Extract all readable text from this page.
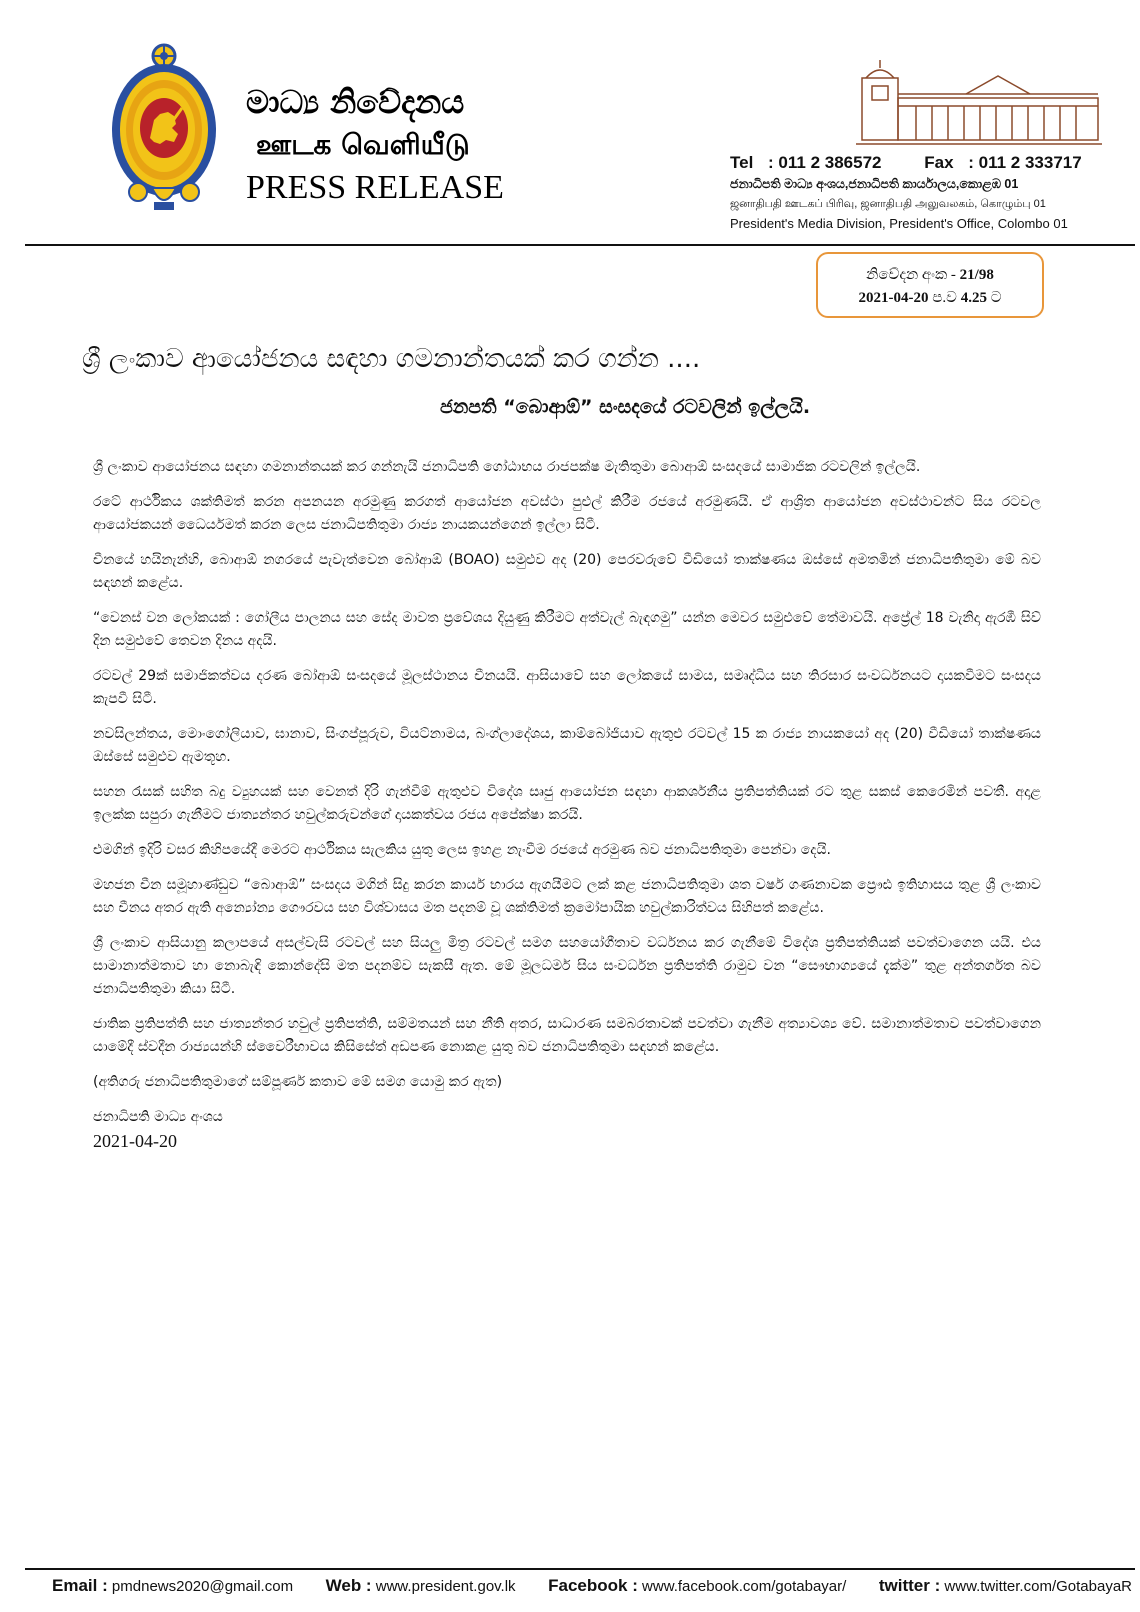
මාධ්‍ය නිවේදනය
ஊடக வெளியீடு
PRESS RELEASE
Tel : 011 2 386572	Fax : 011 2 333717
ජනාධිපති මාධ්‍ය අංශය,ජනාධිපති කාර්යාලය,කොළඹ 01
ஜனாதிபதி ஊடகப் பிரிவு, ஜனாதிபதி அலுவலகம், கொழும்பு 01
President's Media Division, President's Office, Colombo 01
නිවේදන අංක - 21/98
2021-04-20 ප.ව 4.25 ට
ශ්‍රී ලංකාව ආයෝජනය සඳහා ගමනාන්තයක් කර ගන්න ....
ජනපති “බොආඕ” සංසදයේ රටවලින් ඉල්ලයි.

ශ්‍රී ලංකාව ආයෝජනය සඳහා ගමනාන්තයක් කර ගන්නැයි ජනාධිපති ගෝඨාභය රාජපක්ෂ මැතිතුමා බොආඕ සංසදයේ සාමාජික රටවලින් ඉල්ලයි.

රටේ ආර්ථිකය ශක්තිමත් කරන අපනයන අරමුණු කරගත් ආයෝජන අවස්ථා පුළුල් කිරීම රජයේ අරමුණයි. ඒ ආශ්‍රිත ආයෝජන අවස්ථාවන්ට සිය රටවල ආයෝජකයන් ධෛර්යමත් කරන ලෙස ජනාධිපතිතුමා රාජ්‍ය නායකයන්ගෙන් ඉල්ලා සිටී.

චීනයේ හයිනැන්හි, බොආඕ නගරයේ පැවැත්වෙන බෝආඕ (BOAO) සමුළුව අද (20) පෙරවරුවේ වීඩියෝ තාක්ෂණය ඔස්සේ අමතමින් ජනාධිපතිතුමා මේ බව සඳහන් කළේය.

“වෙනස් වන ලෝකයක් : ගෝලීය පාලනය සහ සේද මාවත ප්‍රවේශය දියුණු කිරීමට අත්වැල් බැඳගමු” යන්න මෙවර සමුළුවේ තේමාවයි. අප්‍රේල් 18 වැනිදා ඇරඹී සිව් දින සමුළුවේ තෙවන දිනය අදයි.

රටවල් 29ක් සමාජිකත්වය දරණ බෝආඕ සංසදයේ මූලස්ථානය චීනයයි. ආසියාවේ සහ ලෝකයේ සාමය, සමෘද්ධිය සහ තිරසාර සංවර්ධනයට දායකවීමට සංසදය කැපවී සිටී.

නවසිලන්තය, මොංගෝලියාව, ඝානාව, සිංගප්පූරුව, වියට්නාමය, බංග්ලාදේශය, කාම්බෝජියාව ඇතුළු රටවල් 15 ක රාජ්‍ය නායකයෝ අද (20) වීඩියෝ තාක්ෂණය ඔස්සේ සමුළුව ඇමතූහ.

සහන රැසක් සහිත බදු ව්‍යුහයක් සහ වෙනත් දිරි ගැන්වීම් ඇතුළුව විදේශ සෘජු ආයෝජන සඳහා ආකර්ශනීය ප්‍රතිපත්තියක් රට තුළ සකස් කෙරෙමින් පවතී. අදාළ ඉලක්ක සපුරා ගැනීමට ජාත්‍යන්තර හවුල්කරුවන්ගේ දායකත්වය රජය අපේක්ෂා කරයි.

එමගින් ඉදිරි වසර කිහිපයේදී මෙරට ආර්ථිකය සැලකිය යුතු ලෙස ඉහළ නැංවීම රජයේ අරමුණ බව ජනාධිපතිතුමා පෙන්වා දෙයි.

මහජන චීන සමූහාණ්ඩුව “බොආඕ” සංසදය මගින් සිදු කරන කාර්ය භාරය ඇගයීමට ලක් කළ ජනාධිපතිතුමා ශත වර්ෂ ගණනාවක ප්‍රෞඪ ඉතිහාසය තුළ ශ්‍රී ලංකාව සහ චීනය අතර ඇති අන්‍යෝන්‍ය ගෞරවය සහ විශ්වාසය මත පදනම් වූ ශක්තිමත් ක්‍රමෝපායික හවුල්කාරිත්වය සිහිපත් කළේය.

ශ්‍රී ලංකාව ආසියානු කලාපයේ අසල්වැසි රටවල් සහ සියලු මිත්‍ර රටවල් සමග සහයෝගීතාව වර්ධනය කර ගැනීමේ විදේශ ප්‍රතිපත්තියක් පවත්වාගෙන යයි. එය සාමානාත්මතාව හා නොබැඳි කොන්දේසි මත පදනම්ව සැකසී ඇත. මේ මූලධර්ම සිය සංවර්ධන ප්‍රතිපත්ති රාමුව වන “සෞභාග්‍යයේ දැක්ම” තුළ අන්තර්ගත බව ජනාධිපතිතුමා කියා සිටී.

ජාතික ප්‍රතිපත්ති සහ ජාත්‍යන්තර හවුල් ප්‍රතිපත්ති, සම්මතයන් සහ නීති අතර, සාධාරණ සමබරතාවක් පවත්වා ගැනීම අත්‍යාවශ්‍ය වේ. සමානාත්මතාව පවත්වාගෙන යාමේදී ස්වදීන රාජ්‍යයන්හි ස්වෛරීභාවය කිසිසේත් අඩපණ නොකළ යුතු බව ජනාධිපතිතුමා සඳහන් කළේය.

(අතිගරු ජනාධිපතිතුමාගේ සම්පූර්ණ කතාව මේ සමග යොමු කර ඇත)
ජනාධිපති මාධ්‍ය අංශය
2021-04-20
Email : pmdnews2020@gmail.com Web : www.president.gov.lk Facebook : www.facebook.com/gotabayar/ twitter : www.twitter.com/GotabayaR
